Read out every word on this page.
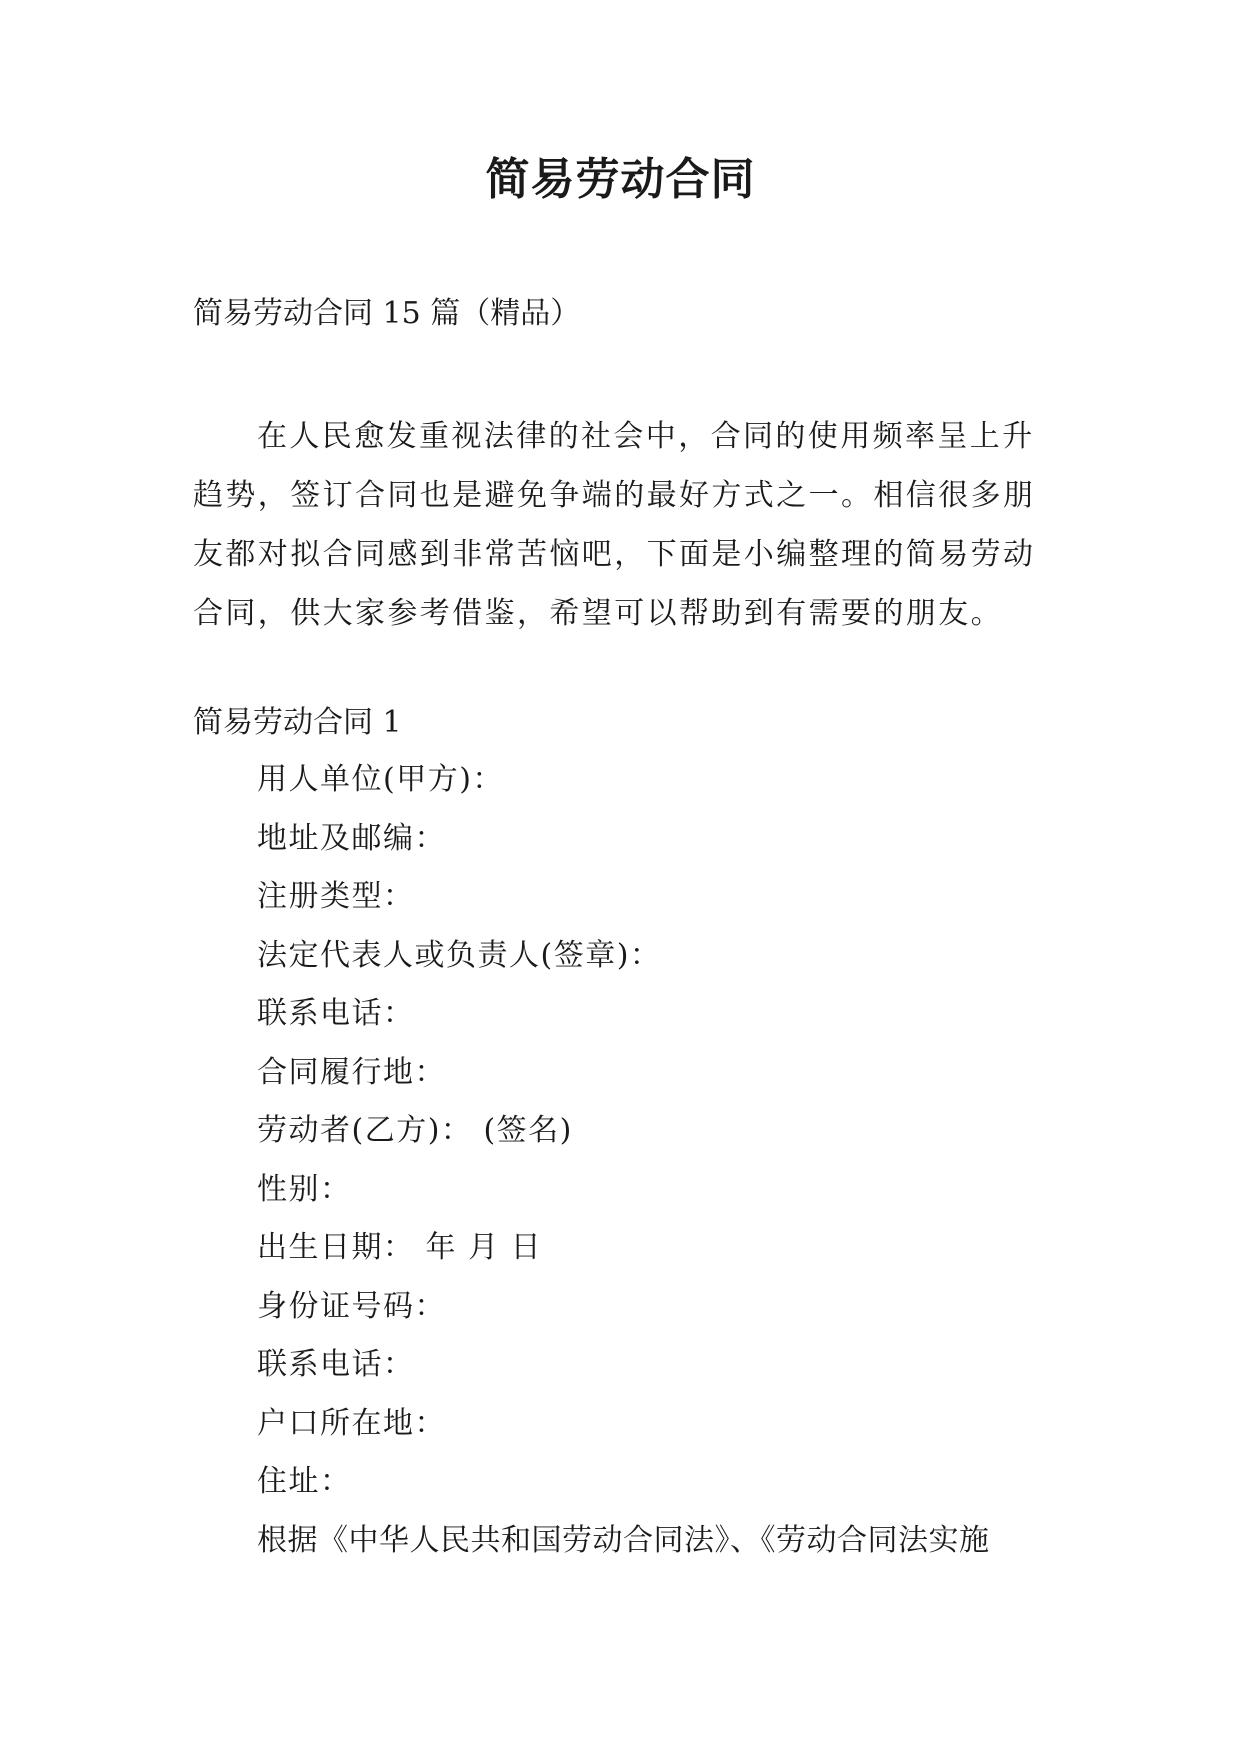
简易劳动合同
简易劳动合同 15 篇（精品）

在人民愈发重视法律的社会中，合同的使用频率呈上升趋势，签订合同也是避免争端的最好方式之一。相信很多朋友都对拟合同感到非常苦恼吧，下面是小编整理的简易劳动合同，供大家参考借鉴，希望可以帮助到有需要的朋友。

简易劳动合同 1
用人单位(甲方)：
地址及邮编：
注册类型：
法定代表人或负责人(签章)：
联系电话：
合同履行地：
劳动者(乙方)： (签名)
性别：
出生日期： 年 月 日
身份证号码：
联系电话：
户口所在地：
住址：
根据《中华人民共和国劳动合同法》、《劳动合同法实施
